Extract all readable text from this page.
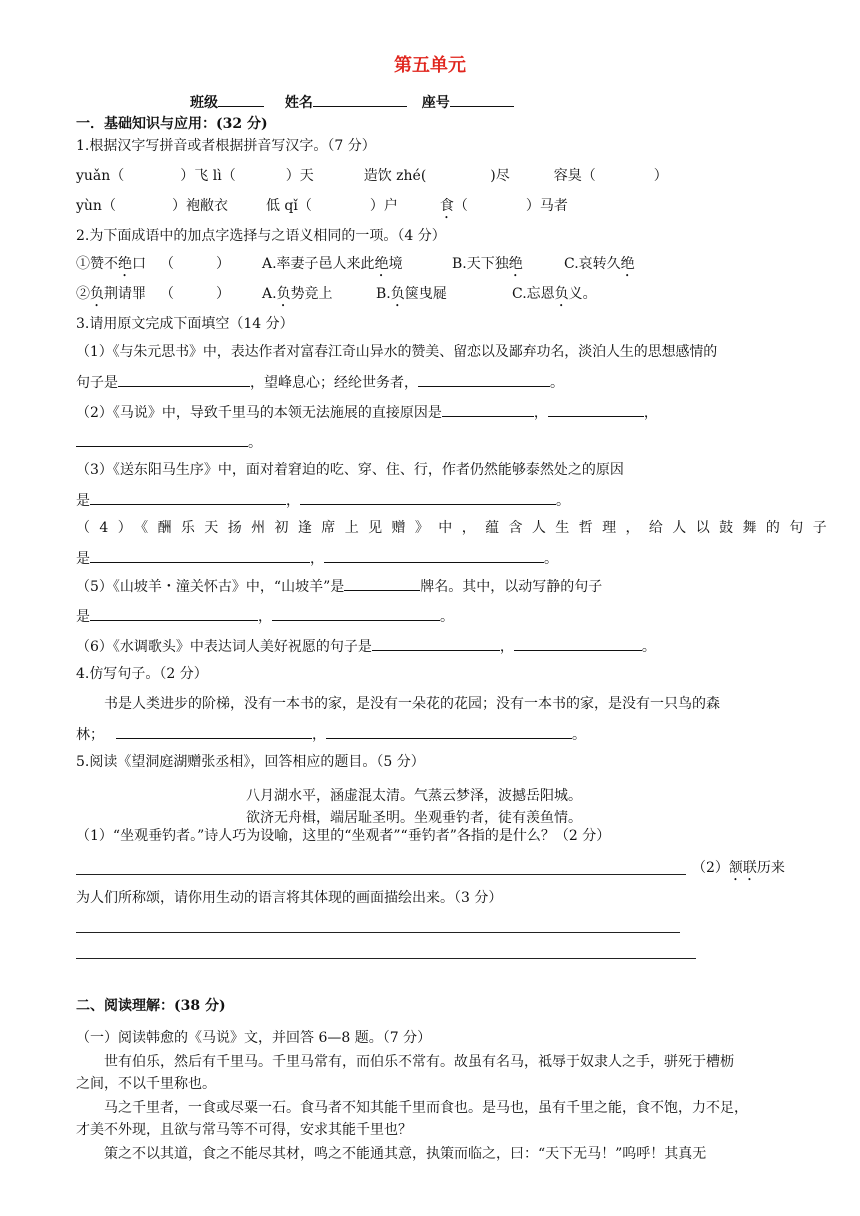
第五单元
班级	姓名	座号
一．基础知识与应用：(32 分)
1.根据汉字写拼音或者根据拼音写汉字。（7 分）
yuǎn（	）飞 lì（	）天	造饮 zhé(	)尽	容臭（	）
yùn（	）袍敝衣	低 qǐ（	）户	食（	）马者
2.为下面成语中的加点字选择与之语义相同的一项。（4 分）
①赞不绝口 （　　　） A.率妻子邑人来此绝境	B.天下独绝	C.哀转久绝
②负荆请罪 （　　　） A.负势竞上	B.负箧曳屣	C.忘恩负义。
3.请用原文完成下面填空（14 分）
（1）《与朱元思书》中，表达作者对富春江奇山异水的赞美、留恋以及鄙弃功名，淡泊人生的思想感情的
句子是	，望峰息心；经纶世务者，	。
（2）《马说》中，导致千里马的本领无法施展的直接原因是	，	，
。
（3）《送东阳马生序》中，面对着窘迫的吃、穿、住、行，作者仍然能够泰然处之的原因
是	，	。
（4）《酬乐天扬州初逢席上见赠》中，蕴含人生哲理，给人以鼓舞的句子
是	，	。
（5）《山坡羊・潼关怀古》中，“山坡羊”是	牌名。其中，以动写静的句子
是	，	。
（6）《水调歌头》中表达词人美好祝愿的句子是	，	。
4.仿写句子。（2 分）
书是人类进步的阶梯，没有一本书的家，是没有一朵花的花园；没有一本书的家，是没有一只鸟的森
林；	，	。
5.阅读《望洞庭湖赠张丞相》，回答相应的题目。（5 分）
八月湖水平，涵虚混太清。气蒸云梦泽，波撼岳阳城。
欲济无舟楫，端居耻圣明。坐观垂钓者，徒有羡鱼情。
（1）“坐观垂钓者。”诗人巧为设喻，这里的“坐观者”“垂钓者”各指的是什么？（2 分）
（2）颔联历来
为人们所称颂，请你用生动的语言将其体现的画面描绘出来。（3 分）
二、阅读理解：(38 分)
（一）阅读韩愈的《马说》文，并回答 6—8 题。（7 分）
世有伯乐，然后有千里马。千里马常有，而伯乐不常有。故虽有名马，祗辱于奴隶人之手，骈死于槽枥
之间，不以千里称也。
马之千里者，一食或尽粟一石。食马者不知其能千里而食也。是马也，虽有千里之能，食不饱，力不足，
才美不外现，且欲与常马等不可得，安求其能千里也？
策之不以其道，食之不能尽其材，鸣之不能通其意，执策而临之，曰：“天下无马！”呜呼！其真无
